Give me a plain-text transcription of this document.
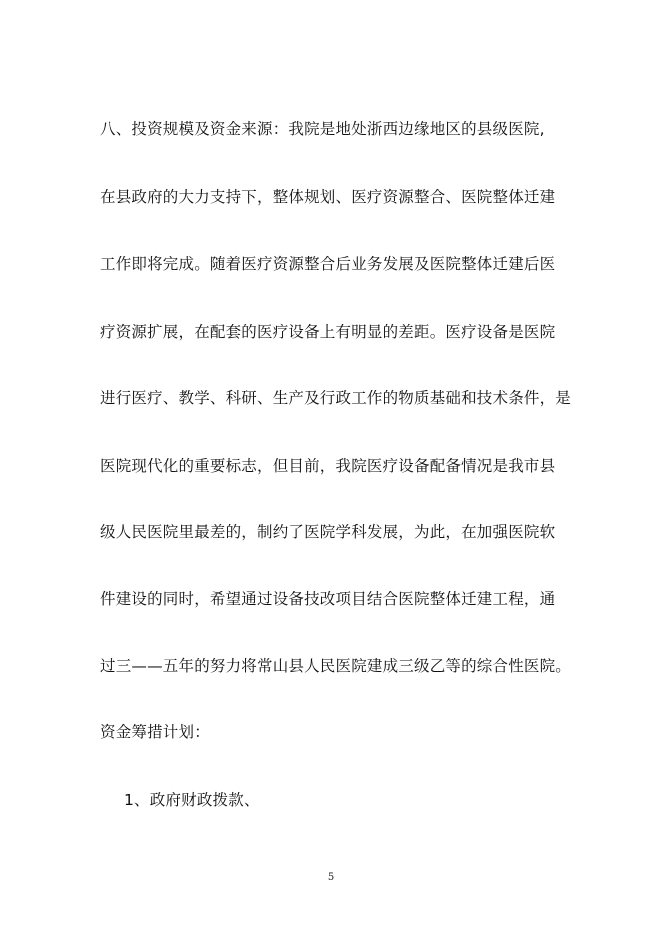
八、投资规模及资金来源：我院是地处浙西边缘地区的县级医院,
在县政府的大力支持下，整体规划、医疗资源整合、医院整体迁建
工作即将完成。随着医疗资源整合后业务发展及医院整体迁建后医
疗资源扩展，在配套的医疗设备上有明显的差距。医疗设备是医院
进行医疗、教学、科研、生产及行政工作的物质基础和技术条件，是
医院现代化的重要标志，但目前，我院医疗设备配备情况是我市县
级人民医院里最差的，制约了医院学科发展，为此，在加强医院软
件建设的同时，希望通过设备技改项目结合医院整体迁建工程，通
过三——五年的努力将常山县人民医院建成三级乙等的综合性医院。
资金筹措计划：
1、政府财政拨款、
5
